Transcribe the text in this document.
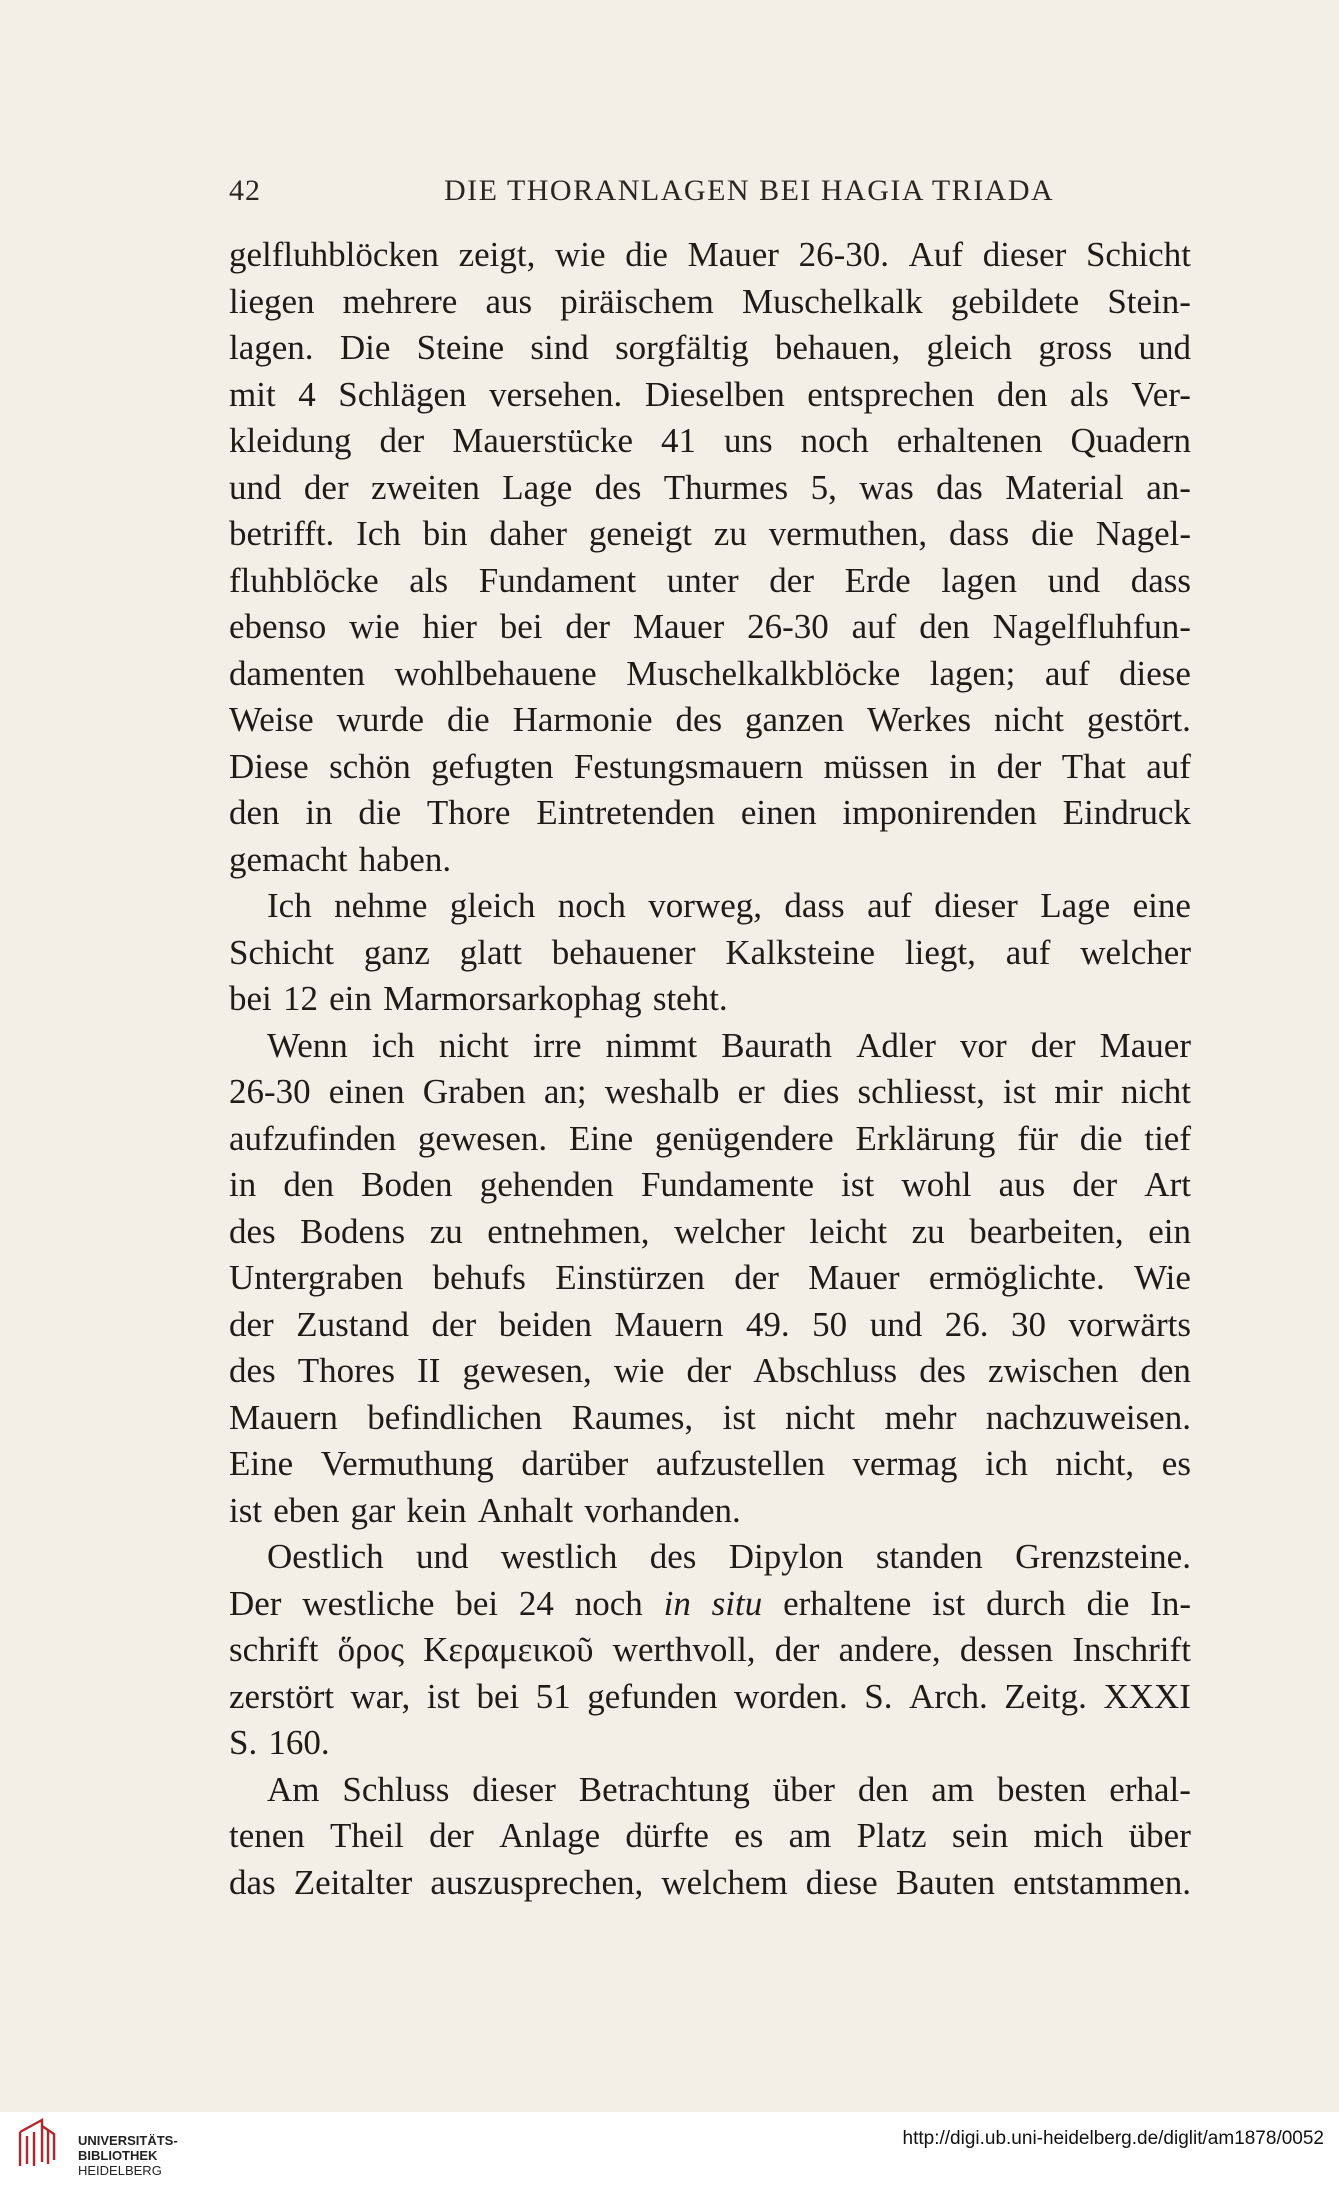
42	DIE THORANLAGEN BEI HAGIA TRIADA
gelfluhblöcken zeigt, wie die Mauer 26-30. Auf dieser Schicht
liegen mehrere aus piräischem Muschelkalk gebildete Stein-
lagen. Die Steine sind sorgfältig behauen, gleich gross und
mit 4 Schlägen versehen. Dieselben entsprechen den als Ver-
kleidung der Mauerstücke 41 uns noch erhaltenen Quadern
und der zweiten Lage des Thurmes 5, was das Material an-
betrifft. Ich bin daher geneigt zu vermuthen, dass die Nagel-
fluhblöcke als Fundament unter der Erde lagen und dass
ebenso wie hier bei der Mauer 26-30 auf den Nagelfluhfun-
damenten wohlbehauene Muschelkalkblöcke lagen; auf diese
Weise wurde die Harmonie des ganzen Werkes nicht gestört.
Diese schön gefugten Festungsmauern müssen in der That auf
den in die Thore Eintretenden einen imponirenden Eindruck
gemacht haben.
Ich nehme gleich noch vorweg, dass auf dieser Lage eine
Schicht ganz glatt behauener Kalksteine liegt, auf welcher
bei 12 ein Marmorsarkophag steht.
Wenn ich nicht irre nimmt Baurath Adler vor der Mauer
26-30 einen Graben an; weshalb er dies schliesst, ist mir nicht
aufzufinden gewesen. Eine genügendere Erklärung für die tief
in den Boden gehenden Fundamente ist wohl aus der Art
des Bodens zu entnehmen, welcher leicht zu bearbeiten, ein
Untergraben behufs Einstürzen der Mauer ermöglichte. Wie
der Zustand der beiden Mauern 49. 50 und 26. 30 vorwärts
des Thores II gewesen, wie der Abschluss des zwischen den
Mauern befindlichen Raumes, ist nicht mehr nachzuweisen.
Eine Vermuthung darüber aufzustellen vermag ich nicht, es
ist eben gar kein Anhalt vorhanden.
Oestlich und westlich des Dipylon standen Grenzsteine.
Der westliche bei 24 noch in situ erhaltene ist durch die In-
schrift ὅρος Κεραμεικοῦ werthvoll, der andere, dessen Inschrift
zerstört war, ist bei 51 gefunden worden. S. Arch. Zeitg. XXXI
S. 160.
Am Schluss dieser Betrachtung über den am besten erhal-
tenen Theil der Anlage dürfte es am Platz sein mich über
das Zeitalter auszusprechen, welchem diese Bauten entstammen.
UNIVERSITÄTS-
BIBLIOTHEK
HEIDELBERG
http://digi.ub.uni-heidelberg.de/diglit/am1878/0052
